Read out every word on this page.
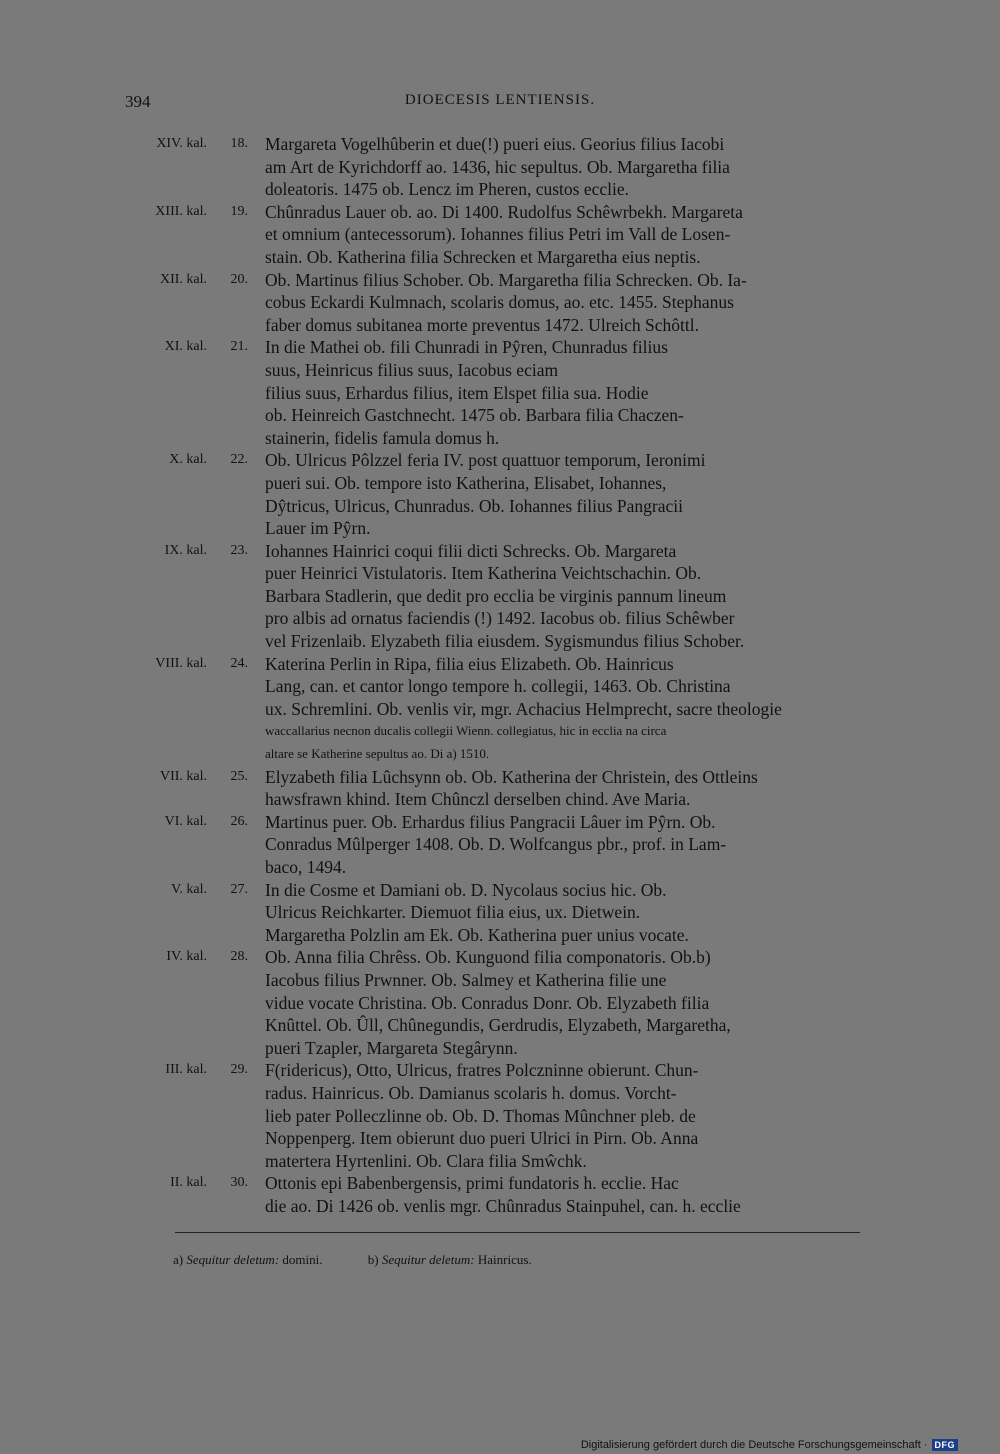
394	DIOECESIS LENTIENSIS.
XIV. kal.	18. Margareta Vogelhûberin et due(!) pueri eius. Georius filius Iacobi
am Art de Kyrichdorff ao. 1436, hic sepultus. Ob. Margaretha filia
doleatoris. 1475 ob. Lencz im Pheren, custos ecclie.
XIII. kal.	19. Chûnradus Lauer ob. ao. Di 1400. Rudolfus Schêwrbekh. Margareta
et omnium (antecessorum). Iohannes filius Petri im Vall de Losen-
stain. Ob. Katherina filia Schrecken et Margaretha eius neptis.
XII. kal.	20. Ob. Martinus filius Schober. Ob. Margaretha filia Schrecken. Ob. Ia-
cobus Eckardi Kulmnach, scolaris domus, ao. etc. 1455. Stephanus
faber domus subitanea morte preventus 1472. Ulreich Schôttl.
XI. kal.	21. In die Mathei ob. fili Chunradi in Pŷren, Chunradus filius
suus, Heinricus filius suus, Iacobus eciam
filius suus, Erhardus filius, item Elspet filia sua. Hodie
ob. Heinreich Gastchnecht. 1475 ob. Barbara filia Chaczen-
stainerin, fidelis famula domus h.
X. kal.	22. Ob. Ulricus Pôlzzel feria IV. post quattuor temporum, Ieronimi
pueri sui. Ob. tempore isto Katherina, Elisabet, Iohannes,
Dŷtricus, Ulricus, Chunradus. Ob. Iohannes filius Pangracii
Lauer im Pŷrn.
IX. kal.	23. Iohannes Hainrici coqui filii dicti Schrecks. Ob. Margareta
puer Heinrici Vistulatoris. Item Katherina Veichtschachin. Ob.
Barbara Stadlerin, que dedit pro ecclia be virginis pannum lineum
pro albis ad ornatus faciendis (!) 1492. Iacobus ob. filius Schêwber
vel Frizenlaib. Elyzabeth filia eiusdem. Sygismundus filius Schober.
VIII. kal.	24. Katerina Perlin in Ripa, filia eius Elizabeth. Ob. Hainricus
Lang, can. et cantor longo tempore h. collegii, 1463. Ob. Christina
ux. Schremlini. Ob. venlis vir, mgr. Achacius Helmprecht, sacre theologie
waccallarius necnon ducalis collegii Wienn. collegiatus, hic in ecclia na circa
altare se Katherine sepultus ao. Di a) 1510.
VII. kal.	25. Elyzabeth filia Lûchsynn ob. Ob. Katherina der Christein, des Ottleins
hawsfrawn khind. Item Chûnczl derselben chind. Ave Maria.
VI. kal.	26. Martinus puer. Ob. Erhardus filius Pangracii Lâuer im Pŷrn. Ob.
Conradus Mûlperger 1408. Ob. D. Wolfcangus pbr., prof. in Lam-
baco, 1494.
V. kal.	27. In die Cosme et Damiani ob. D. Nycolaus socius hic. Ob.
Ulricus Reichkarter. Diemuot filia eius, ux. Dietwein.
Margaretha Polzlin am Ek. Ob. Katherina puer unius vocate.
IV. kal.	28. Ob. Anna filia Chrêss. Ob. Kunguond filia componatoris. Ob.b)
Iacobus filius Prwnner. Ob. Salmey et Katherina filie une
vidue vocate Christina. Ob. Conradus Donr. Ob. Elyzabeth filia
Knûttel. Ob. Ûll, Chûnegundis, Gerdrudis, Elyzabeth, Margaretha,
pueri Tzapler, Margareta Stegârynn.
III. kal.	29. F(ridericus), Otto, Ulricus, fratres Polczninne obierunt. Chun-
radus. Hainricus. Ob. Damianus scolaris h. domus. Vorcht-
lieb pater Polleczlinne ob. Ob. D. Thomas Mûnchner pleb. de
Noppenperg. Item obierunt duo pueri Ulrici in Pirn. Ob. Anna
matertera Hyrtenlini. Ob. Clara filia Smŵchk.
II. kal.	30. Ottonis epi Babenbergensis, primi fundatoris h. ecclie. Hac
die ao. Di 1426 ob. venlis mgr. Chûnradus Stainpuhel, can. h. ecclie
a) Sequitur deletum: domini.	b) Sequitur deletum: Hainricus.
Digitalisierung gefördert durch die Deutsche Forschungsgemeinschaft · DFG
